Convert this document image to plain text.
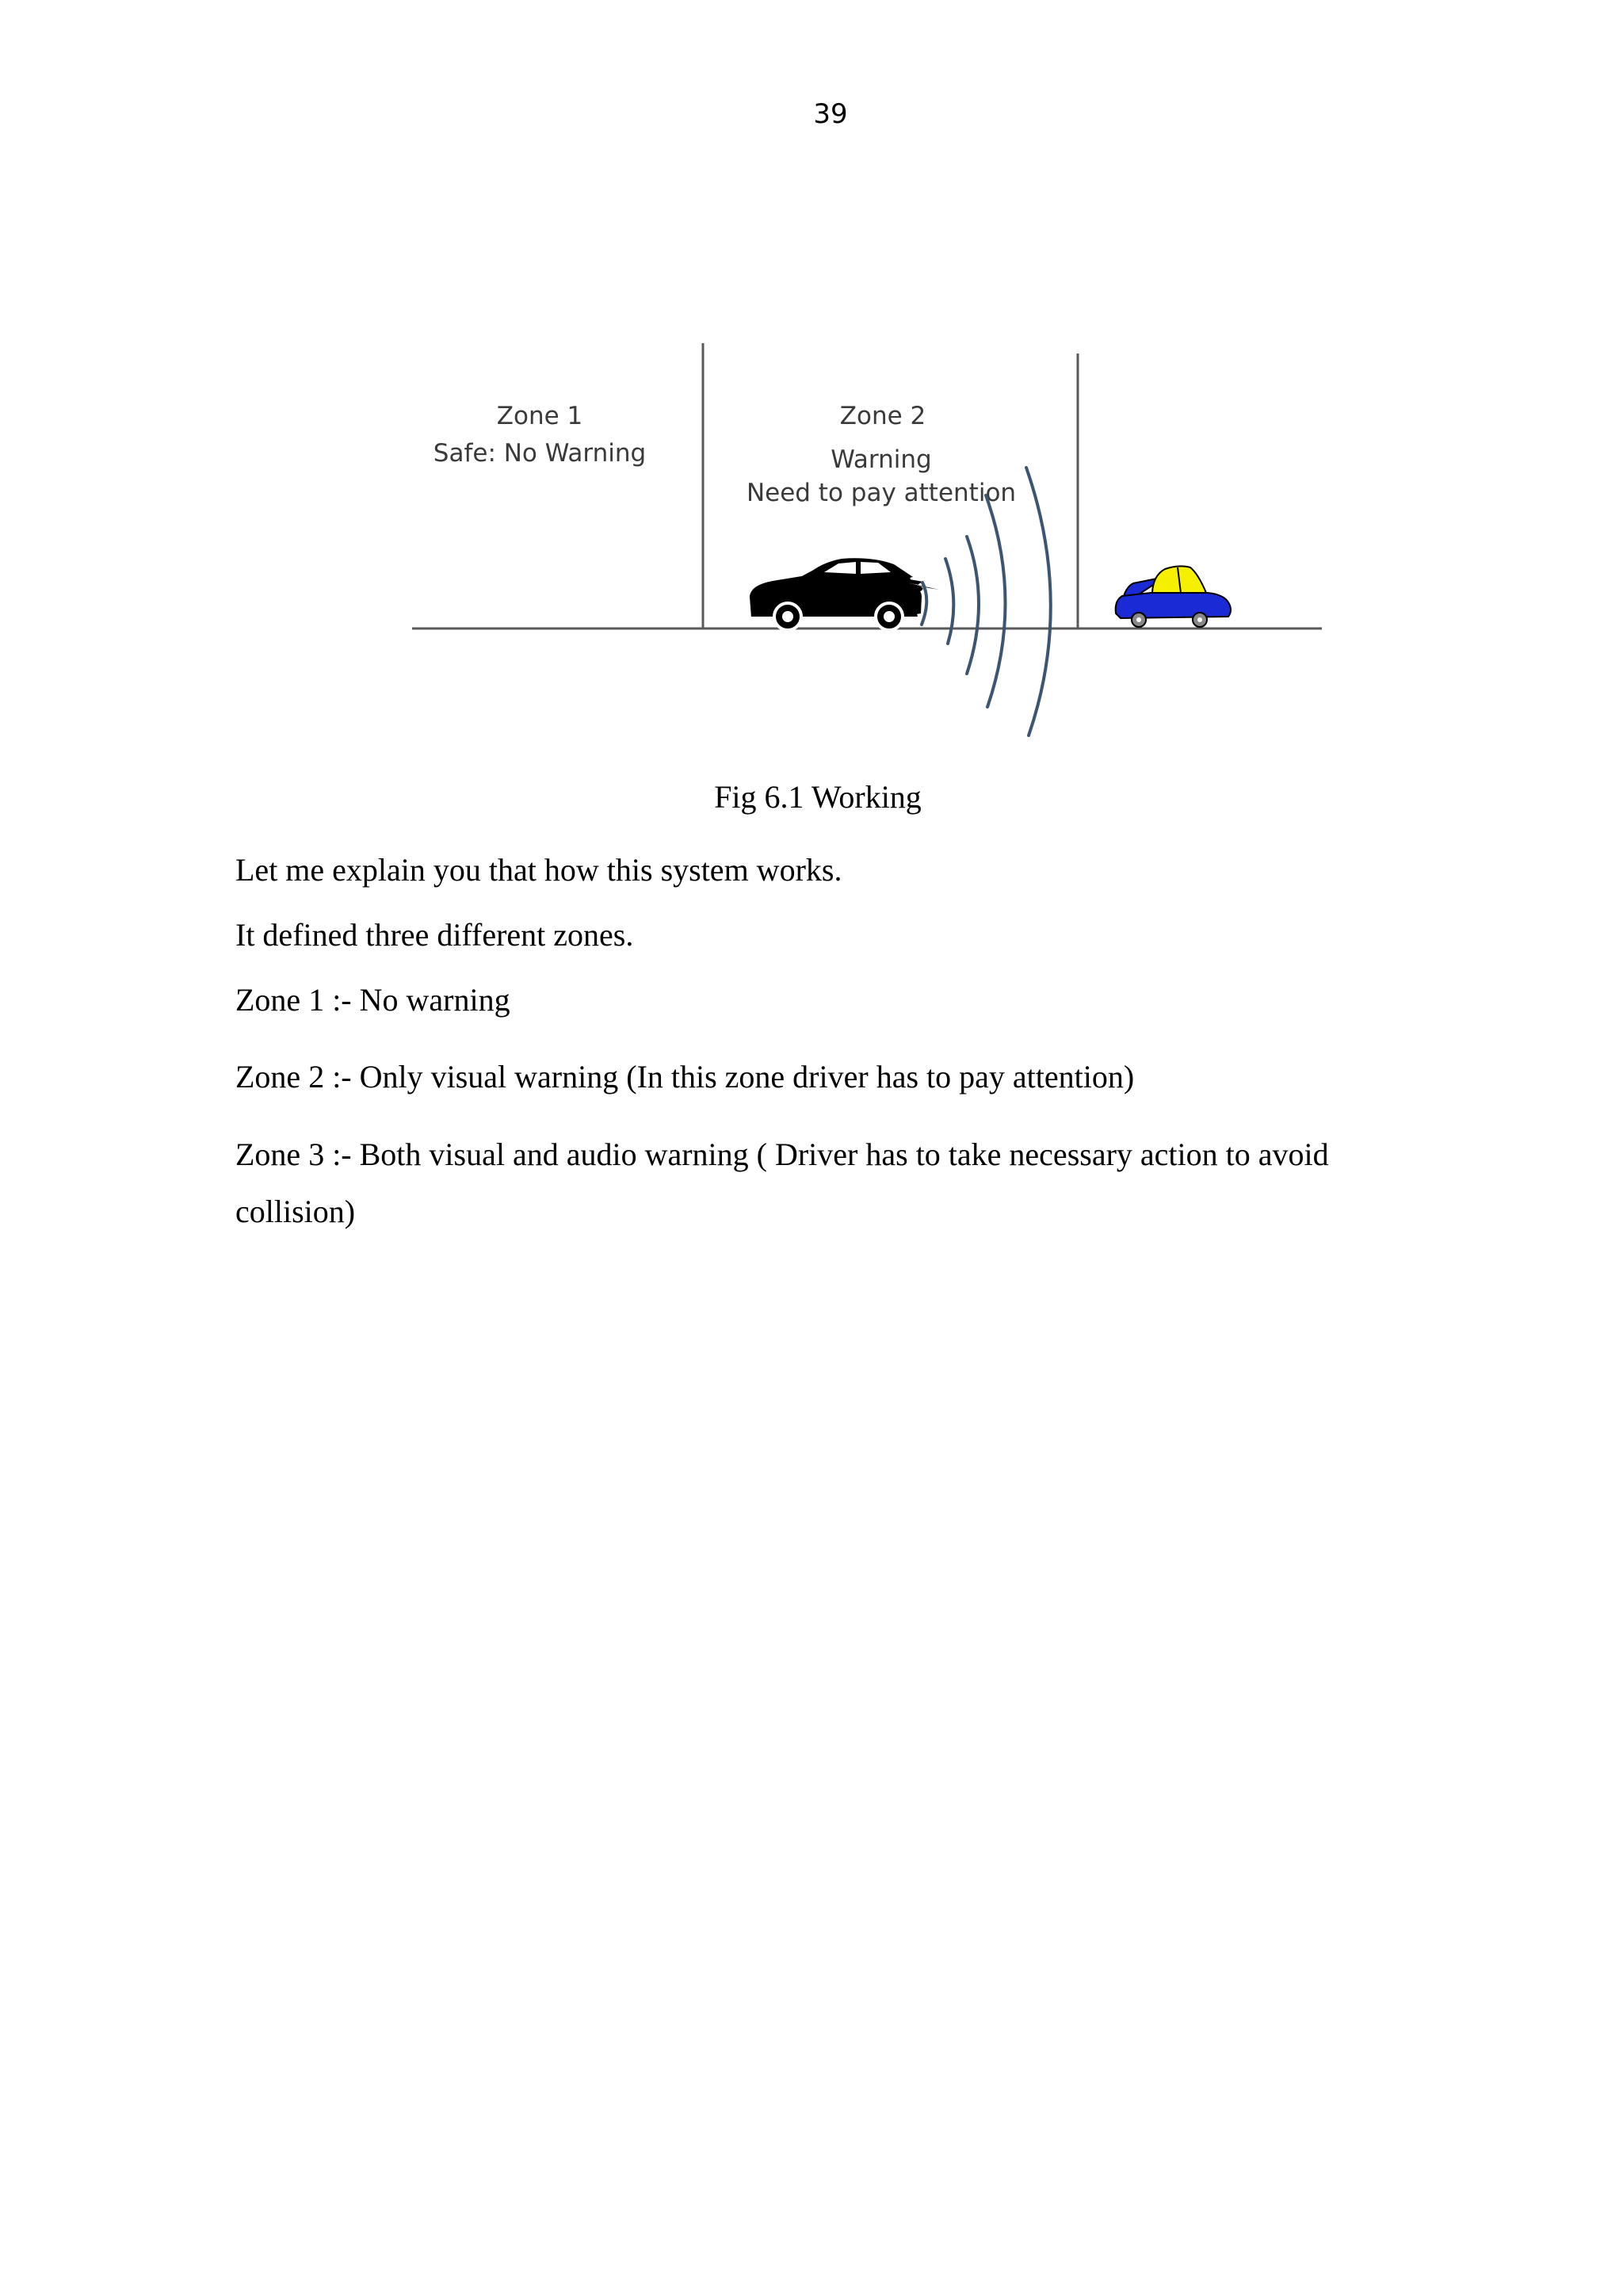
39
Zone 1
Safe: No Warning
Zone 2
Warning
Need to pay attention
Fig 6.1 Working

Let me explain you that how this system works.

It defined three different zones.

Zone 1 :- No warning

Zone 2 :- Only visual warning (In this zone driver has to pay attention)

Zone 3 :- Both visual and audio warning ( Driver has to take necessary action to avoid collision)
